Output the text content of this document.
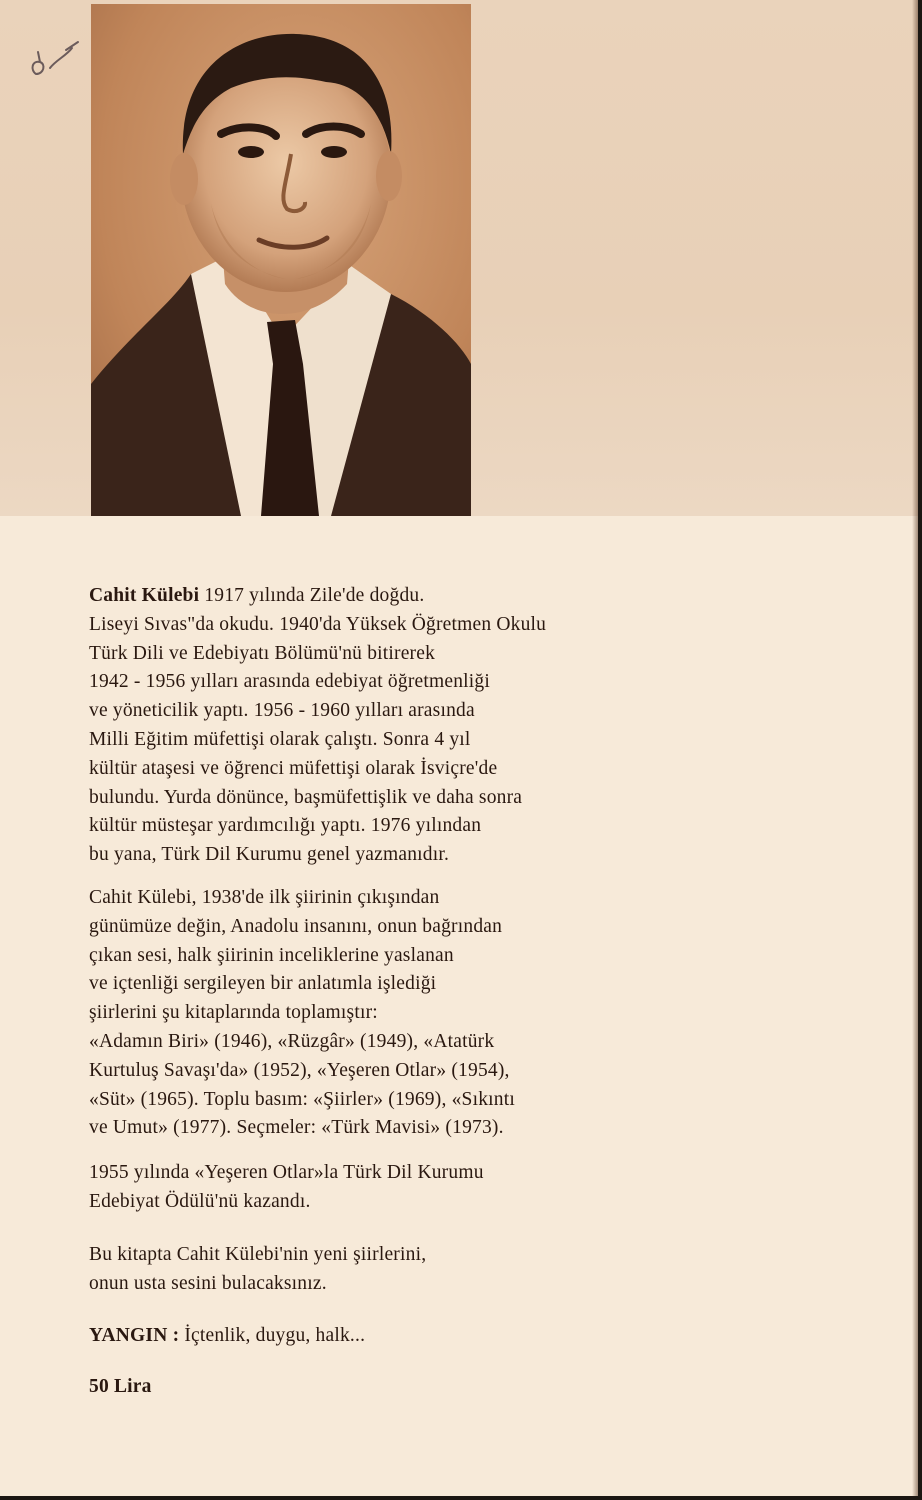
Cahit Külebi 1917 yılında Zile'de doğdu.
Liseyi Sıvas"da okudu. 1940'da Yüksek Öğretmen Okulu
Türk Dili ve Edebiyatı Bölümü'nü bitirerek
1942 - 1956 yılları arasında edebiyat öğretmenliği
ve yöneticilik yaptı. 1956 - 1960 yılları arasında
Milli Eğitim müfettişi olarak çalıştı. Sonra 4 yıl
kültür ataşesi ve öğrenci müfettişi olarak İsviçre'de
bulundu. Yurda dönünce, başmüfettişlik ve daha sonra
kültür müsteşar yardımcılığı yaptı. 1976 yılından
bu yana, Türk Dil Kurumu genel yazmanıdır.
Cahit Külebi, 1938'de ilk şiirinin çıkışından
günümüze değin, Anadolu insanını, onun bağrından
çıkan sesi, halk şiirinin inceliklerine yaslanan
ve içtenliği sergileyen bir anlatımla işlediği
şiirlerini şu kitaplarında toplamıştır:
«Adamın Biri» (1946), «Rüzgâr» (1949), «Atatürk
Kurtuluş Savaşı'da» (1952), «Yeşeren Otlar» (1954),
«Süt» (1965). Toplu basım: «Şiirler» (1969), «Sıkıntı
ve Umut» (1977). Seçmeler: «Türk Mavisi» (1973).
1955 yılında «Yeşeren Otlar»la Türk Dil Kurumu
Edebiyat Ödülü'nü kazandı.
Bu kitapta Cahit Külebi'nin yeni şiirlerini,
onun usta sesini bulacaksınız.
YANGIN : İçtenlik, duygu, halk...
50 Lira
